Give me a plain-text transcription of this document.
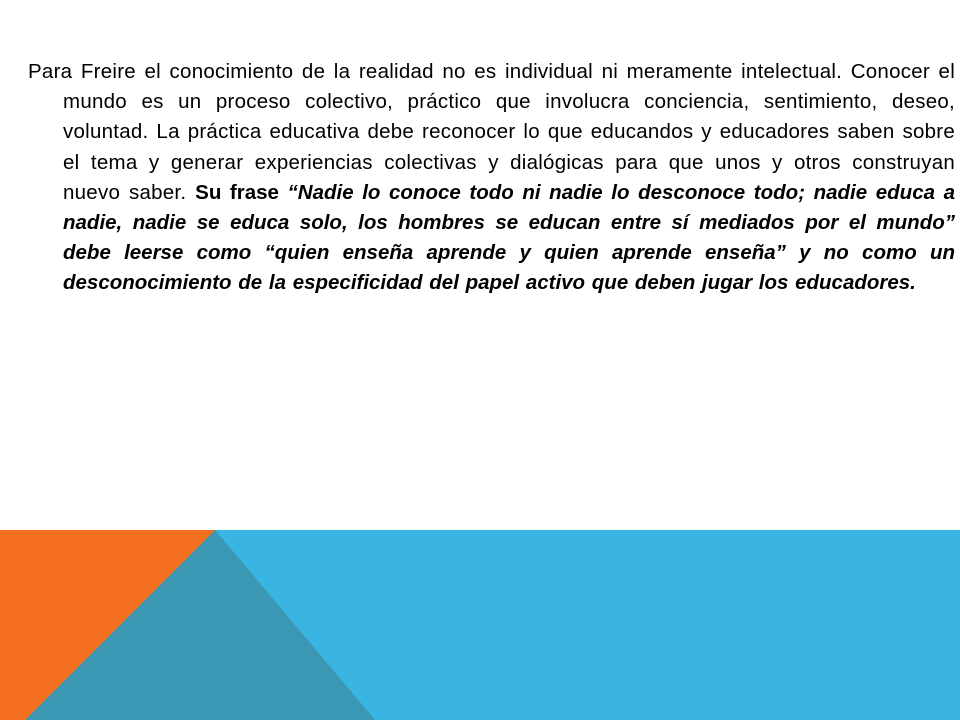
Para Freire el conocimiento de la realidad no es individual ni meramente intelectual. Conocer el mundo es un proceso colectivo, práctico que involucra conciencia, sentimiento, deseo, voluntad. La práctica educativa debe reconocer lo que educandos y educadores saben sobre el tema y generar experiencias colectivas y dialógicas para que unos y otros construyan nuevo saber. Su frase “Nadie lo conoce todo ni nadie lo desconoce todo; nadie educa a nadie, nadie se educa solo, los hombres se educan entre sí mediados por el mundo” debe leerse como “quien enseña aprende y quien aprende enseña” y no como un desconocimiento de la especificidad del papel activo que deben jugar los educadores.
